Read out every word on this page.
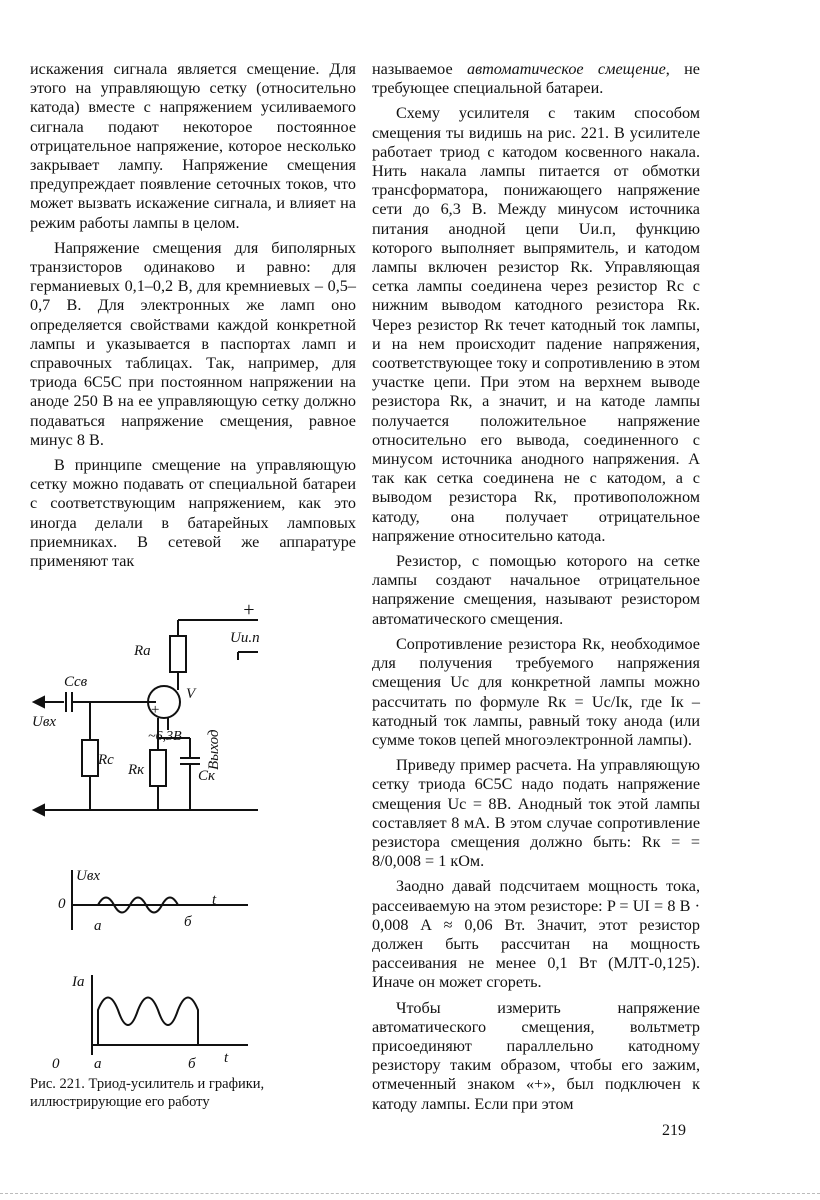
искажения сигнала является смещение. Для этого на управляющую сетку (относительно катода) вместе с напряжением усиливаемого сигнала подают некоторое постоянное отрицательное напряжение, которое несколько закрывает лампу. Напряжение смещения предупреждает появление сеточных токов, что может вызвать искажение сигнала, и влияет на режим работы лампы в целом.

Напряжение смещения для биполярных транзисторов одинаково и равно: для германиевых 0,1–0,2 В, для кремниевых – 0,5–0,7 В. Для электронных же ламп оно определяется свойствами каждой конкретной лампы и указывается в паспортах ламп и справочных таблицах. Так, например, для триода 6С5С при постоянном напряжении на аноде 250 В на ее управляющую сетку должно подаваться напряжение смещения, равное минус 8 В.

В принципе смещение на управляющую сетку можно подавать от специальной батареи с соответствующим напряжением, как это иногда делали в батарейных ламповых приемниках. В сетевой же аппаратуре применяют так

называемое автоматическое смещение, не требующее специальной батареи.

Схему усилителя с таким способом смещения ты видишь на рис. 221. В усилителе работает триод с катодом косвенного накала. Нить накала лампы питается от обмотки трансформатора, понижающего напряжение сети до 6,3 В. Между минусом источника питания анодной цепи Uи.п, функцию которого выполняет выпрямитель, и катодом лампы включен резистор Rк. Управляющая сетка лампы соединена через резистор Rс с нижним выводом катодного резистора Rк. Через резистор Rк течет катодный ток лампы, и на нем происходит падение напряжения, соответствующее току и сопротивлению в этом участке цепи. При этом на верхнем выводе резистора Rк, а значит, и на катоде лампы получается положительное напряжение относительно его вывода, соединенного с минусом источника анодного напряжения. А так как сетка соединена не с катодом, а с выводом резистора Rк, противоположном катоду, она получает отрицательное напряжение относительно катода.

Резистор, с помощью которого на сетке лампы создают начальное отрицательное напряжение смещения, называют резистором автоматического смещения.

Сопротивление резистора Rк, необходимое для получения требуемого напряжения смещения Uс для конкретной лампы можно рассчитать по формуле Rк = Uс/Iк, где Iк – катодный ток лампы, равный току анода (или сумме токов цепей многоэлектронной лампы).

Приведу пример расчета. На управляющую сетку триода 6С5С надо подать напряжение смещения Uс = 8В. Анодный ток этой лампы составляет 8 мА. В этом случае сопротивление резистора смещения должно быть: Rк = = 8/0,008 = 1 кОм.

Заодно давай подсчитаем мощность тока, рассеиваемую на этом резисторе: P = UI = 8 В · 0,008 А ≈ 0,06 Вт. Значит, этот резистор должен быть рассчитан на мощность рассеивания не менее 0,1 Вт (МЛТ-0,125). Иначе он может сгореть.

Чтобы измерить напряжение автоматического смещения, вольтметр присоединяют параллельно катодному резистору таким образом, чтобы его зажим, отмеченный знаком «+», был подключен к катоду лампы. Если при этом

+
Uи.п
Ra
Cсв
V
Uвх
Rc
~6,3В
Rк	Cк
Выход
+
Uвх
0
a	б
t
Ia
0 a	б t
Рис. 221. Триод-усилитель и графики, иллюстрирующие его работу
219
